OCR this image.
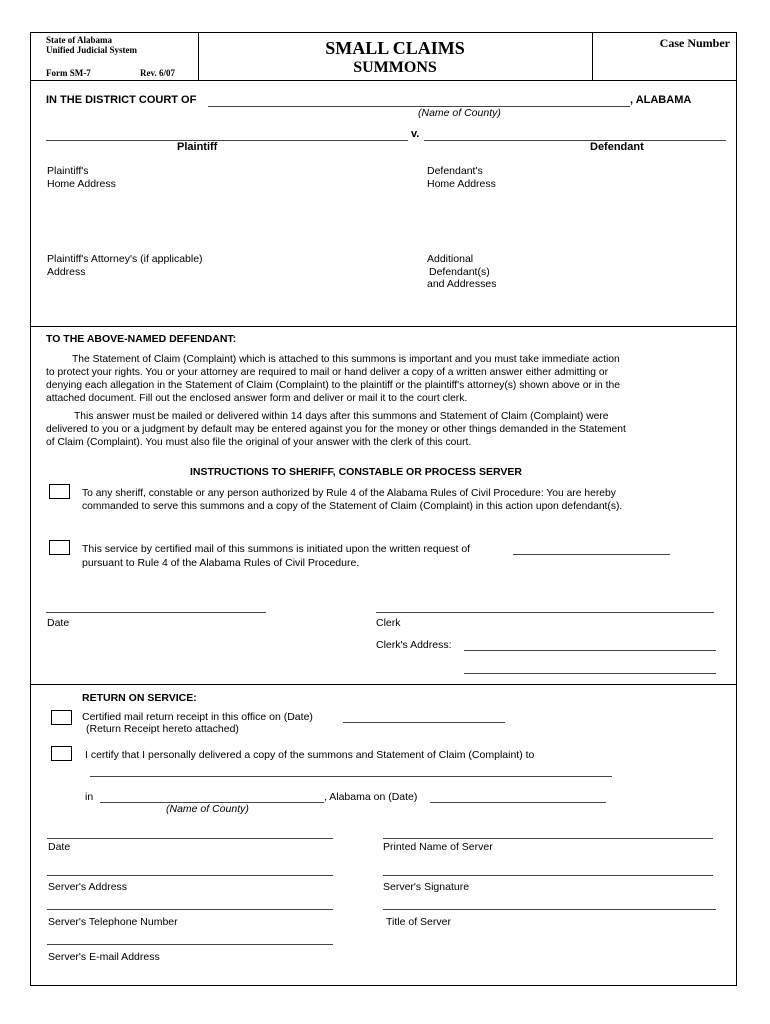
State of Alabama
Unified Judicial System
Form SM-7	Rev. 6/07
SMALL CLAIMS
SUMMONS
Case Number
IN THE DISTRICT COURT OF	, ALABAMA
(Name of County)
v.
Plaintiff	Defendant
Plaintiff's
Home Address
Defendant's
Home Address
Plaintiff's Attorney's (if applicable)
Address
Additional
Defendant(s)
and Addresses
TO THE ABOVE-NAMED DEFENDANT:
The Statement of Claim (Complaint) which is attached to this summons is important and you must take immediate action
to protect your rights. You or your attorney are required to mail or hand deliver a copy of a written answer either admitting or
denying each allegation in the Statement of Claim (Complaint) to the plaintiff or the plaintiff's attorney(s) shown above or in the
attached document. Fill out the enclosed answer form and deliver or mail it to the court clerk.
This answer must be mailed or delivered within 14 days after this summons and Statement of Claim (Complaint) were
delivered to you or a judgment by default may be entered against you for the money or other things demanded in the Statement
of Claim (Complaint). You must also file the original of your answer with the clerk of this court.
INSTRUCTIONS TO SHERIFF, CONSTABLE OR PROCESS SERVER
To any sheriff, constable or any person authorized by Rule 4 of the Alabama Rules of Civil Procedure: You are hereby
commanded to serve this summons and a copy of the Statement of Claim (Complaint) in this action upon defendant(s).
This service by certified mail of this summons is initiated upon the written request of
pursuant to Rule 4 of the Alabama Rules of Civil Procedure.
Date	Clerk
Clerk's Address:
RETURN ON SERVICE:
Certified mail return receipt in this office on (Date)
(Return Receipt hereto attached)
I certify that I personally delivered a copy of the summons and Statement of Claim (Complaint) to
in	, Alabama on (Date)
(Name of County)
Date	Printed Name of Server
Server's Address	Server's Signature
Server's Telephone Number	Title of Server
Server's E-mail Address
